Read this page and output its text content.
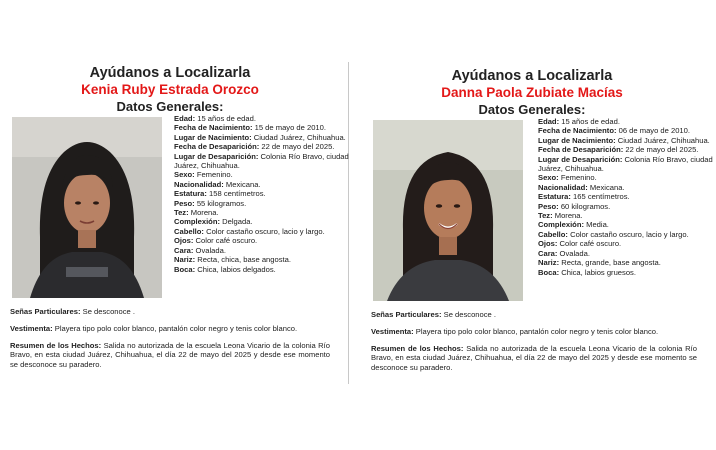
Ayúdanos a Localizarla
Kenia Ruby Estrada Orozco
Datos Generales:

Edad: 15 años de edad.

Fecha de Nacimiento: 15 de mayo de 2010.

Lugar de Nacimiento: Ciudad Juárez, Chihuahua.

Fecha de Desaparición: 22 de mayo del 2025.

Lugar de Desaparición: Colonia Río Bravo, ciudad Juárez, Chihuahua.

Sexo: Femenino.

Nacionalidad: Mexicana.

Estatura: 158 centímetros.

Peso: 55 kilogramos.

Tez: Morena.

Complexión: Delgada.

Cabello: Color castaño oscuro, lacio y largo.

Ojos: Color café oscuro.

Cara: Ovalada.

Nariz: Recta, chica, base angosta.

Boca: Chica, labios delgados.

Señas Particulares: Se desconoce .
Vestimenta: Playera tipo polo color blanco, pantalón color negro y tenis color blanco.
Resumen de los Hechos: Salida no autorizada de la escuela Leona Vicario de la colonia Río Bravo, en esta ciudad Juárez, Chihuahua, el día 22 de mayo del 2025 y desde ese momento se desconoce su paradero.
Ayúdanos a Localizarla
Danna Paola Zubiate Macías
Datos Generales:

Edad: 15 años de edad.

Fecha de Nacimiento: 06 de mayo de 2010.

Lugar de Nacimiento: Ciudad Juárez, Chihuahua.

Fecha de Desaparición: 22 de mayo del 2025.

Lugar de Desaparición: Colonia Río Bravo, ciudad Juárez, Chihuahua.

Sexo: Femenino.

Nacionalidad: Mexicana.

Estatura: 165 centímetros.

Peso: 60 kilogramos.

Tez: Morena.

Complexión: Media.

Cabello: Color castaño oscuro, lacio y largo.

Ojos: Color café oscuro.

Cara: Ovalada.

Nariz: Recta, grande, base angosta.

Boca: Chica, labios gruesos.

Señas Particulares: Se desconoce .
Vestimenta: Playera tipo polo color blanco, pantalón color negro y tenis color blanco.
Resumen de los Hechos: Salida no autorizada de la escuela Leona Vicario de la colonia Río Bravo, en esta ciudad Juárez, Chihuahua, el día 22 de mayo del 2025 y desde ese momento se desconoce su paradero.
